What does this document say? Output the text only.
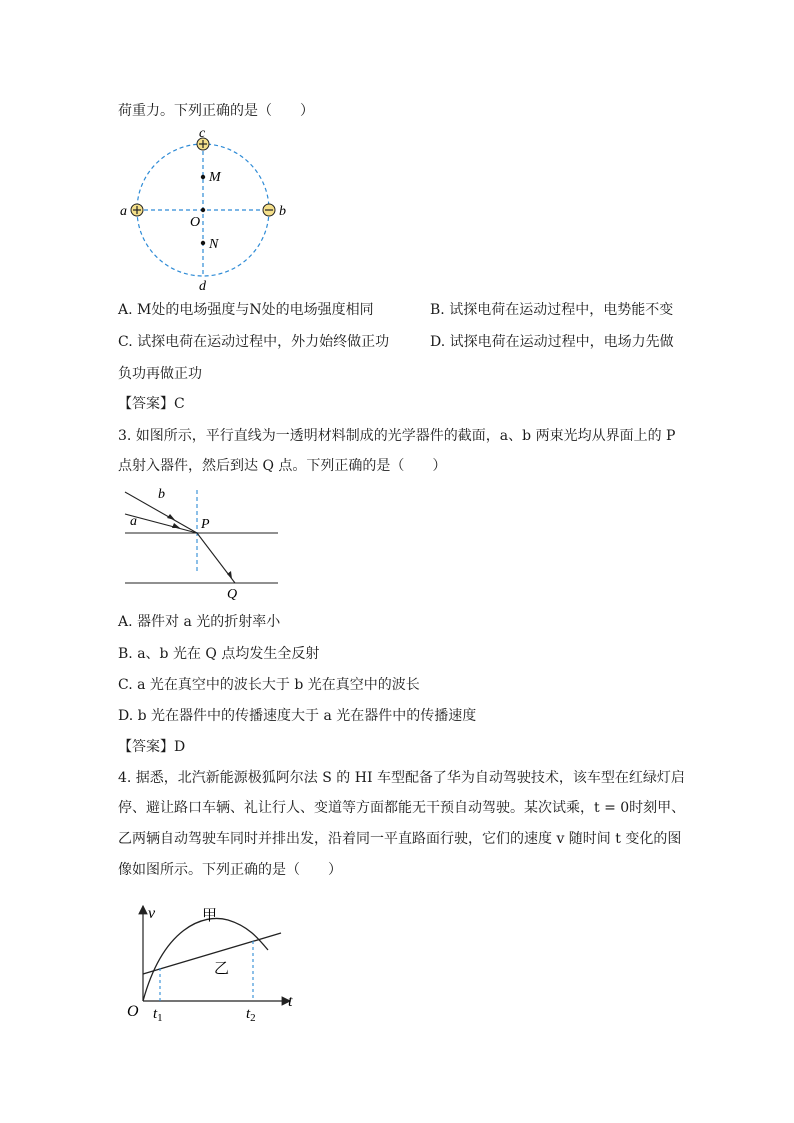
荷重力。下列正确的是（　　）
c
d
a	b
O
M
N
A. M处的电场强度与N处的电场强度相同	B. 试探电荷在运动过程中，电势能不变
C. 试探电荷在运动过程中，外力始终做正功	D. 试探电荷在运动过程中，电场力先做
负功再做正功
【答案】C
3. 如图所示，平行直线为一透明材料制成的光学器件的截面，a、b 两束光均从界面上的 P
点射入器件，然后到达 Q 点。下列正确的是（　　）
b
a	P
Q
A. 器件对 a 光的折射率小
B. a、b 光在 Q 点均发生全反射
C. a 光在真空中的波长大于 b 光在真空中的波长
D. b 光在器件中的传播速度大于 a 光在器件中的传播速度
【答案】D
4. 据悉，北汽新能源极狐阿尔法 S 的 HI 车型配备了华为自动驾驶技术，该车型在红绿灯启
停、避让路口车辆、礼让行人、变道等方面都能无干预自动驾驶。某次试乘，t = 0时刻甲、
乙两辆自动驾驶车同时并排出发，沿着同一平直路面行驶，它们的速度 v 随时间 t 变化的图
像如图所示。下列正确的是（　　）
v
t
O $t_1$	$t_2$
甲
乙
